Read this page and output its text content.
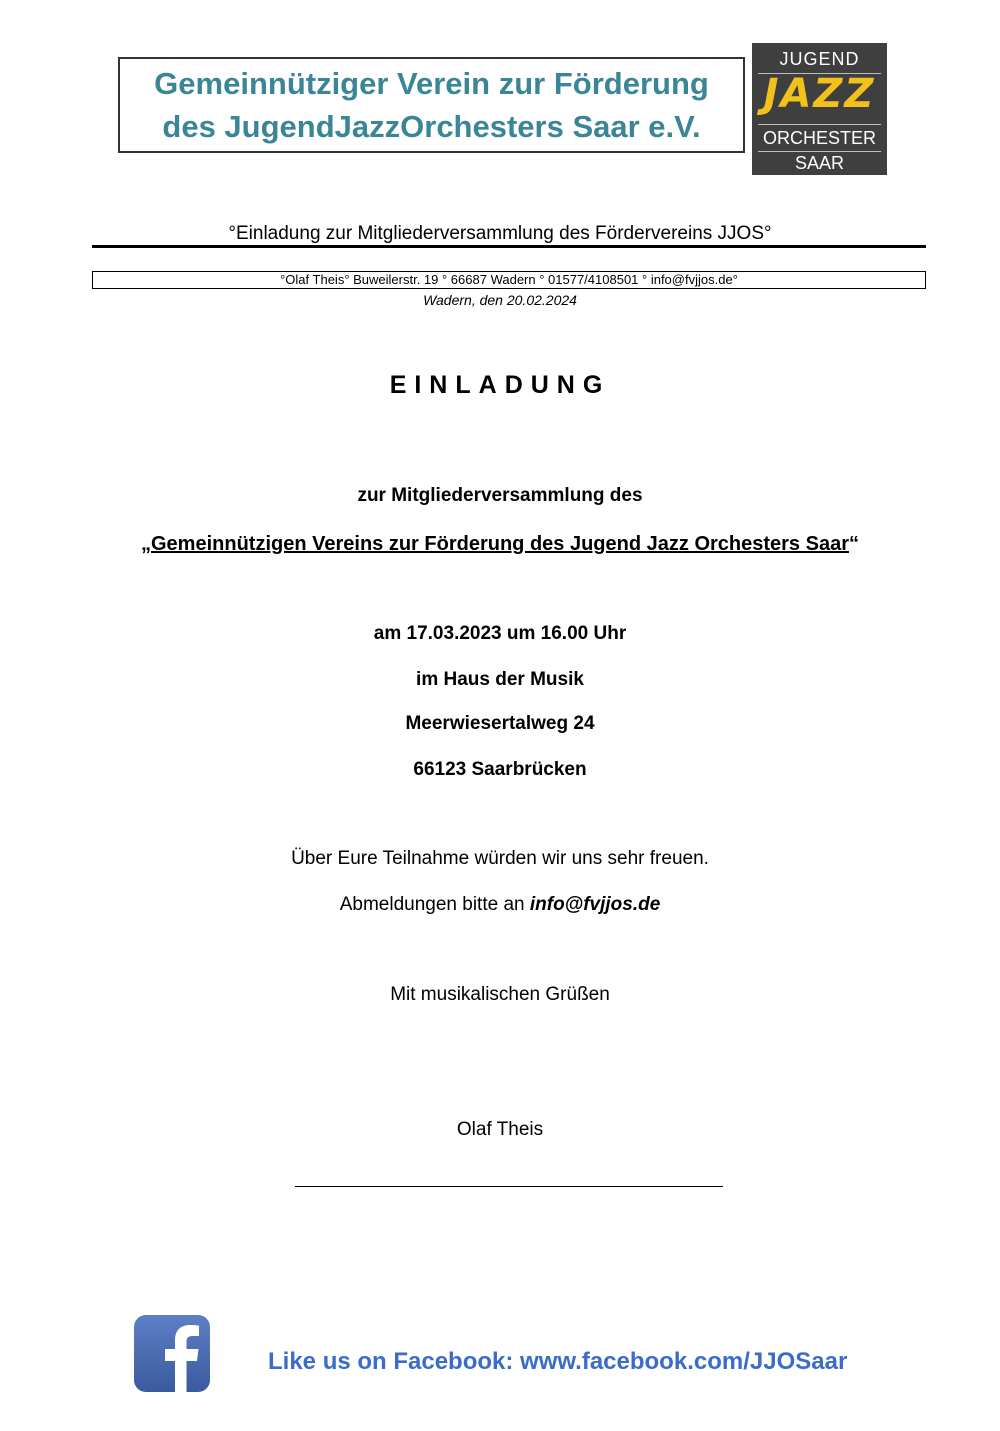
Gemeinnütziger Verein zur Förderung
des JugendJazzOrchesters Saar e.V.
JUGEND
JAZZ
ORCHESTER
SAAR
°Einladung zur Mitgliederversammlung des Fördervereins JJOS°
°Olaf Theis° Buweilerstr. 19 ° 66687 Wadern ° 01577/4108501 ° info@fvjjos.de°
Wadern, den 20.02.2024
EINLADUNG
zur Mitgliederversammlung des
„Gemeinnützigen Vereins zur Förderung des Jugend Jazz Orchesters Saar“
am 17.03.2023 um 16.00 Uhr
im Haus der Musik
Meerwiesertalweg 24
66123 Saarbrücken
Über Eure Teilnahme würden wir uns sehr freuen.
Abmeldungen bitte an info@fvjjos.de
Mit musikalischen Grüßen
Olaf Theis
Like us on Facebook: www.facebook.com/JJOSaar
